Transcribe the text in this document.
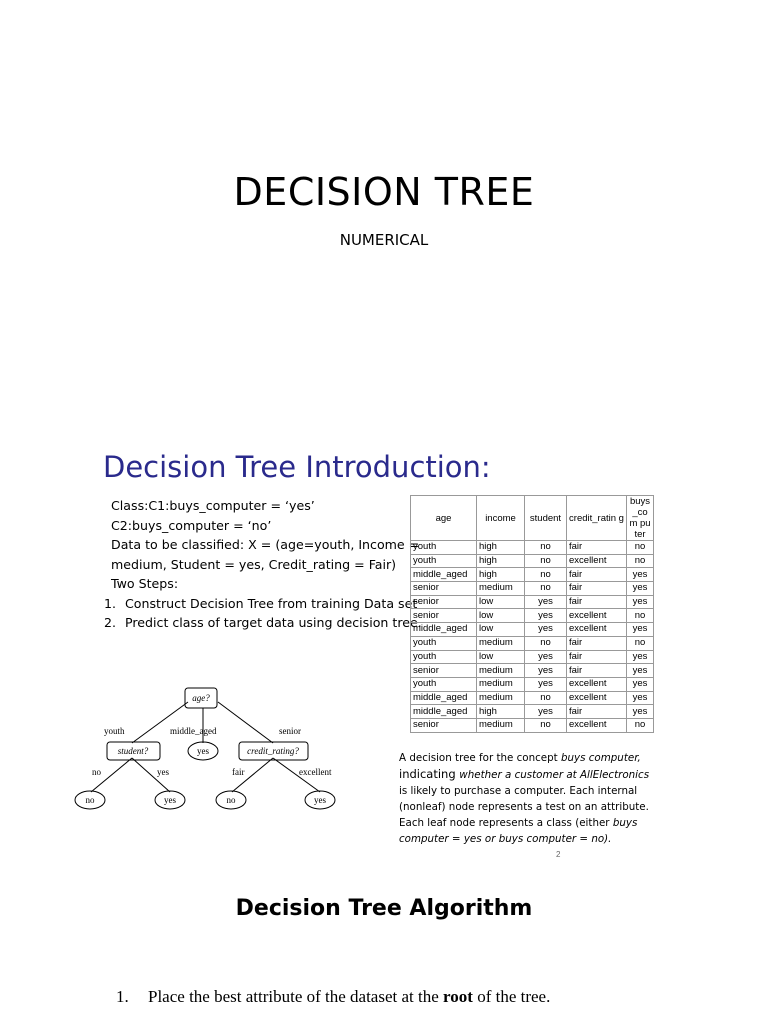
DECISION TREE
NUMERICAL
Decision Tree Introduction:
Class:C1:buys_computer = ‘yes’
C2:buys_computer = ‘no’
Data to be classified: X = (age=youth, Income =
medium, Student = yes, Credit_rating = Fair)
Two Steps:
1. Construct Decision Tree from training Data set
2. Predict class of target data using decision tree.
age	income	student	credit_ratin g	buys _com puter
youth	high	no	fair	no
youth	high	no	excellent	no
middle_aged	high	no	fair	yes
senior	medium	no	fair	yes
senior	low	yes	fair	yes
senior	low	yes	excellent	no
middle_aged	low	yes	excellent	yes
youth	medium	no	fair	no
youth	low	yes	fair	yes
senior	medium	yes	fair	yes
youth	medium	yes	excellent	yes
middle_aged	medium	no	excellent	yes
middle_aged	high	yes	fair	yes
senior	medium	no	excellent	no
age?
youth	middle_aged	senior
student?	yes	credit_rating?
no	yes	fair	excellent
no	yes	no	yes
A decision tree for the concept buys computer,
indicating whether a customer at AllElectronics
is likely to purchase a computer. Each internal
(nonleaf) node represents a test on an attribute.
Each leaf node represents a class (either buys
computer = yes or buys computer = no).
2
Decision Tree Algorithm
1. Place the best attribute of the dataset at the root of the tree.
